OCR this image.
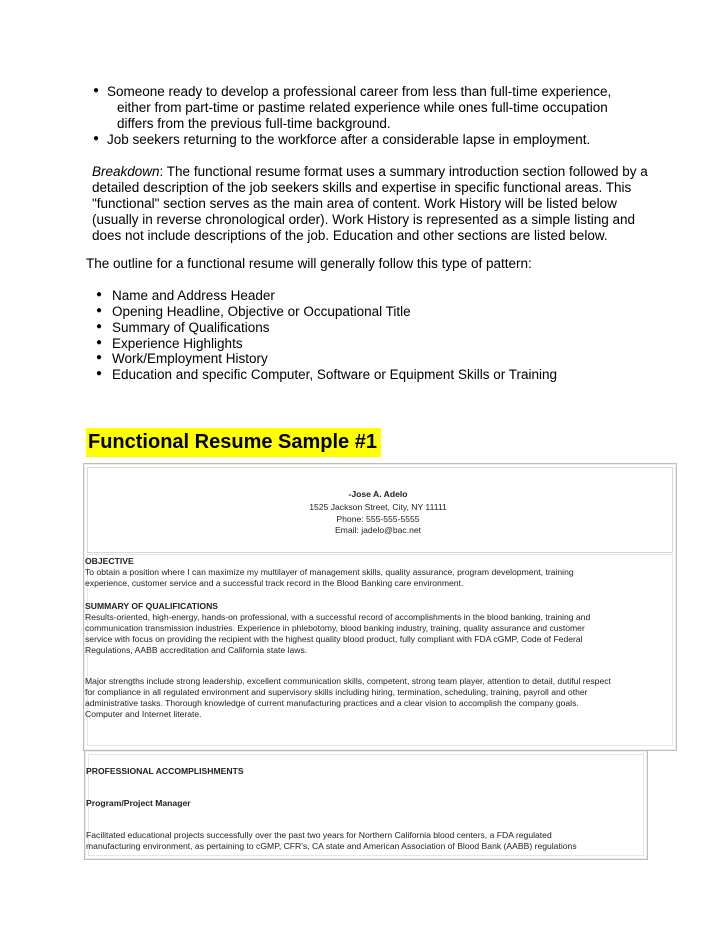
● Someone ready to develop a professional career from less than full-time experience,
either from part-time or pastime related experience while ones full-time occupation
differs from the previous full-time background.
● Job seekers returning to the workforce after a considerable lapse in employment.
Breakdown: The functional resume format uses a summary introduction section followed by a
detailed description of the job seekers skills and expertise in specific functional areas. This
"functional" section serves as the main area of content. Work History will be listed below
(usually in reverse chronological order). Work History is represented as a simple listing and
does not include descriptions of the job. Education and other sections are listed below.
The outline for a functional resume will generally follow this type of pattern:
● Name and Address Header
● Opening Headline, Objective or Occupational Title
● Summary of Qualifications
● Experience Highlights
● Work/Employment History
● Education and specific Computer, Software or Equipment Skills or Training
Functional Resume Sample #1
-Jose A. Adelo
1525 Jackson Street, City, NY 11111
Phone: 555-555-5555
Email: jadelo@bac.net
OBJECTIVE
To obtain a position where I can maximize my multilayer of management skills, quality assurance, program development, training
experience, customer service and a successful track record in the Blood Banking care environment.
SUMMARY OF QUALIFICATIONS
Results-oriented, high-energy, hands-on professional, with a successful record of accomplishments in the blood banking, training and
communication transmission industries. Experience in phlebotomy, blood banking industry, training, quality assurance and customer
service with focus on providing the recipient with the highest quality blood product, fully compliant with FDA cGMP, Code of Federal
Regulations, AABB accreditation and California state laws.
Major strengths include strong leadership, excellent communication skills, competent, strong team player, attention to detail, dutiful respect
for compliance in all regulated environment and supervisory skills including hiring, termination, scheduling, training, payroll and other
administrative tasks. Thorough knowledge of current manufacturing practices and a clear vision to accomplish the company goals.
Computer and Internet literate.
PROFESSIONAL ACCOMPLISHMENTS
Program/Project Manager
Facilitated educational projects successfully over the past two years for Northern California blood centers, a FDA regulated
manufacturing environment, as pertaining to cGMP, CFR's, CA state and American Association of Blood Bank (AABB) regulations
